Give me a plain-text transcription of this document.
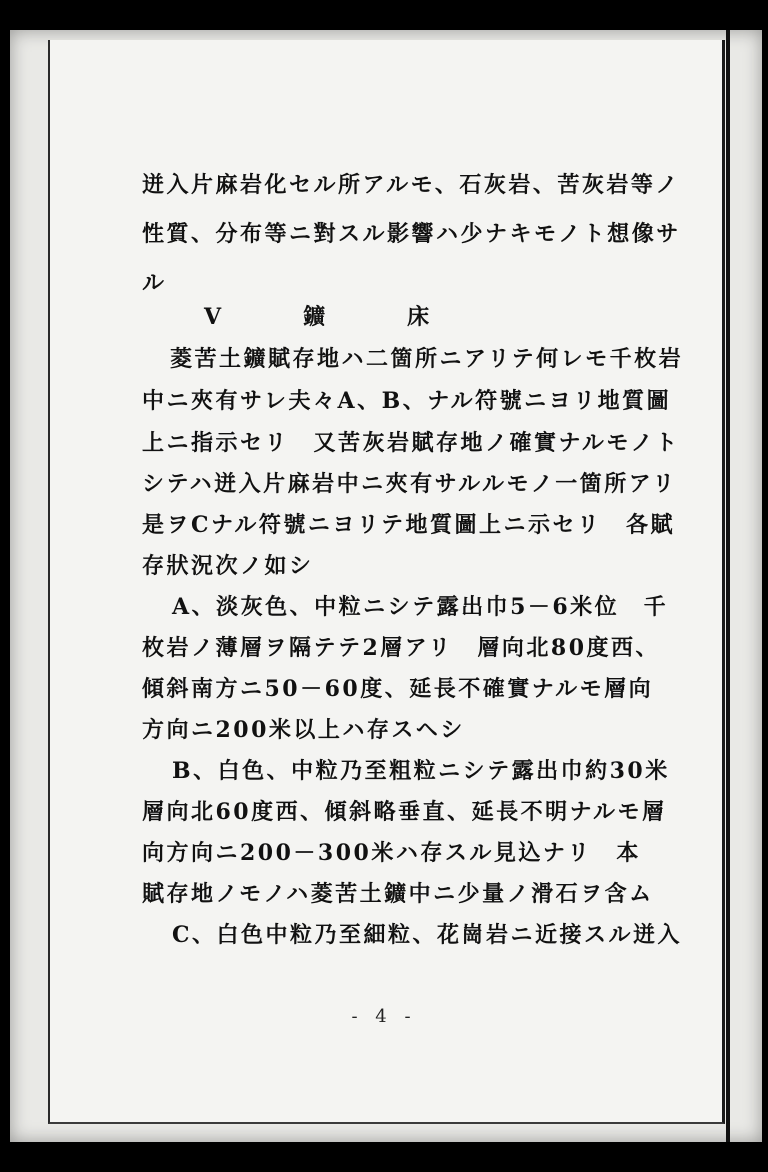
迸入片麻岩化セル所アルモ、石灰岩、苦灰岩等ノ
性質、分布等ニ對スル影響ハ少ナキモノト想像サ
ル
V　鑛　床
菱苦土鑛賦存地ハ二箇所ニアリテ何レモ千枚岩
中ニ夾有サレ夫々A、B、ナル符號ニヨリ地質圖
上ニ指示セリ　又苦灰岩賦存地ノ確實ナルモノト
シテハ迸入片麻岩中ニ夾有サルルモノ一箇所アリ
是ヲCナル符號ニヨリテ地質圖上ニ示セリ　各賦
存狀況次ノ如シ
A、淡灰色、中粒ニシテ露出巾5－6米位　千
枚岩ノ薄層ヲ隔テテ2層アリ　層向北80度西、
傾斜南方ニ50－60度、延長不確實ナルモ層向
方向ニ200米以上ハ存スヘシ
B、白色、中粒乃至粗粒ニシテ露出巾約30米
層向北60度西、傾斜略垂直、延長不明ナルモ層
向方向ニ200－300米ハ存スル見込ナリ　本
賦存地ノモノハ菱苦土鑛中ニ少量ノ滑石ヲ含ム
C、白色中粒乃至細粒、花崗岩ニ近接スル迸入
- 4 -
